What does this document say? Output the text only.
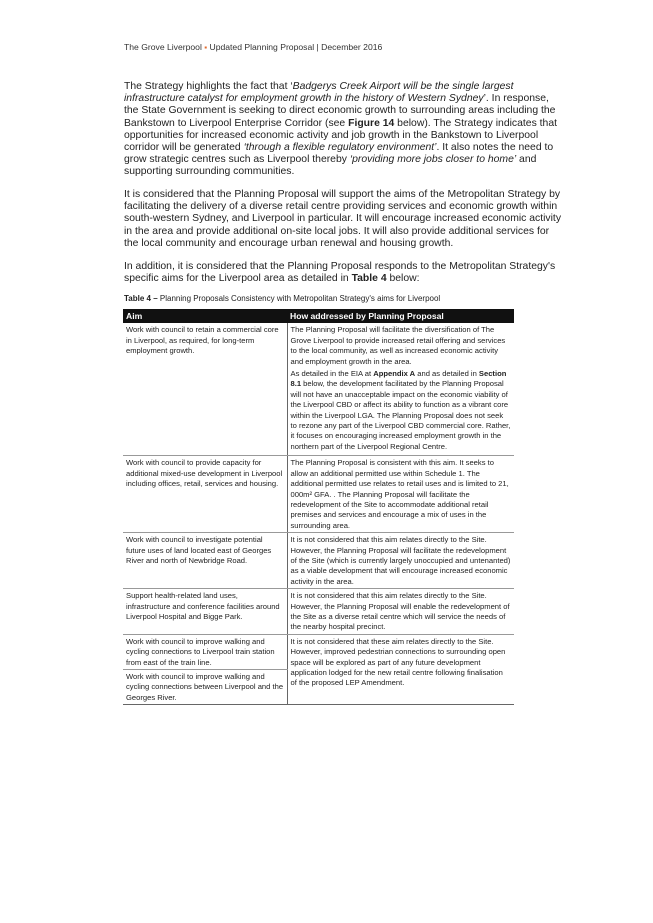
The Grove Liverpool ▪ Updated Planning Proposal | December 2016
The Strategy highlights the fact that ‘Badgerys Creek Airport will be the single largest infrastructure catalyst for employment growth in the history of Western Sydney’. In response, the State Government is seeking to direct economic growth to surrounding areas including the Bankstown to Liverpool Enterprise Corridor (see Figure 14 below). The Strategy indicates that opportunities for increased economic activity and job growth in the Bankstown to Liverpool corridor will be generated ‘through a flexible regulatory environment’. It also notes the need to grow strategic centres such as Liverpool thereby ‘providing more jobs closer to home’ and supporting surrounding communities.
It is considered that the Planning Proposal will support the aims of the Metropolitan Strategy by facilitating the delivery of a diverse retail centre providing services and economic growth within south-western Sydney, and Liverpool in particular. It will encourage increased economic activity in the area and provide additional on-site local jobs. It will also provide additional services for the local community and encourage urban renewal and housing growth.
In addition, it is considered that the Planning Proposal responds to the Metropolitan Strategy's specific aims for the Liverpool area as detailed in Table 4 below:
Table 4 – Planning Proposals Consistency with Metropolitan Strategy's aims for Liverpool
Aim	How addressed by Planning Proposal
Work with council to retain a commercial core in Liverpool, as required, for long-term employment growth.	The Planning Proposal will facilitate the diversification of The Grove Liverpool to provide increased retail offering and services to the local community, as well as increased economic activity and employment growth in the area.

As detailed in the EIA at Appendix A and as detailed in Section 8.1 below, the development facilitated by the Planning Proposal will not have an unacceptable impact on the economic viability of the Liverpool CBD or affect its ability to function as a vibrant core within the Liverpool LGA. The Planning Proposal does not seek to rezone any part of the Liverpool CBD commercial core. Rather, it focuses on encouraging increased employment growth in the northern part of the Liverpool Regional Centre.

Work with council to provide capacity for additional mixed-use development in Liverpool including offices, retail, services and housing.	The Planning Proposal is consistent with this aim. It seeks to allow an additional permitted use within Schedule 1. The additional permitted use relates to retail uses and is limited to 21, 000m² GFA. . The Planning Proposal will facilitate the redevelopment of the Site to accommodate additional retail premises and services and encourage a mix of uses in the surrounding area.
Work with council to investigate potential future uses of land located east of Georges River and north of Newbridge Road.	It is not considered that this aim relates directly to the Site. However, the Planning Proposal will facilitate the redevelopment of the Site (which is currently largely unoccupied and untenanted) as a viable development that will encourage increased economic activity in the area.
Support health-related land uses, infrastructure and conference facilities around Liverpool Hospital and Bigge Park.	It is not considered that this aim relates directly to the Site. However, the Planning Proposal will enable the redevelopment of the Site as a diverse retail centre which will service the needs of the nearby hospital precinct.
Work with council to improve walking and cycling connections to Liverpool train station from east of the train line.	It is not considered that these aim relates directly to the Site. However, improved pedestrian connections to surrounding open space will be explored as part of any future development application lodged for the new retail centre following finalisation of the proposed LEP Amendment.
Work with council to improve walking and cycling connections between Liverpool and the Georges River.	
